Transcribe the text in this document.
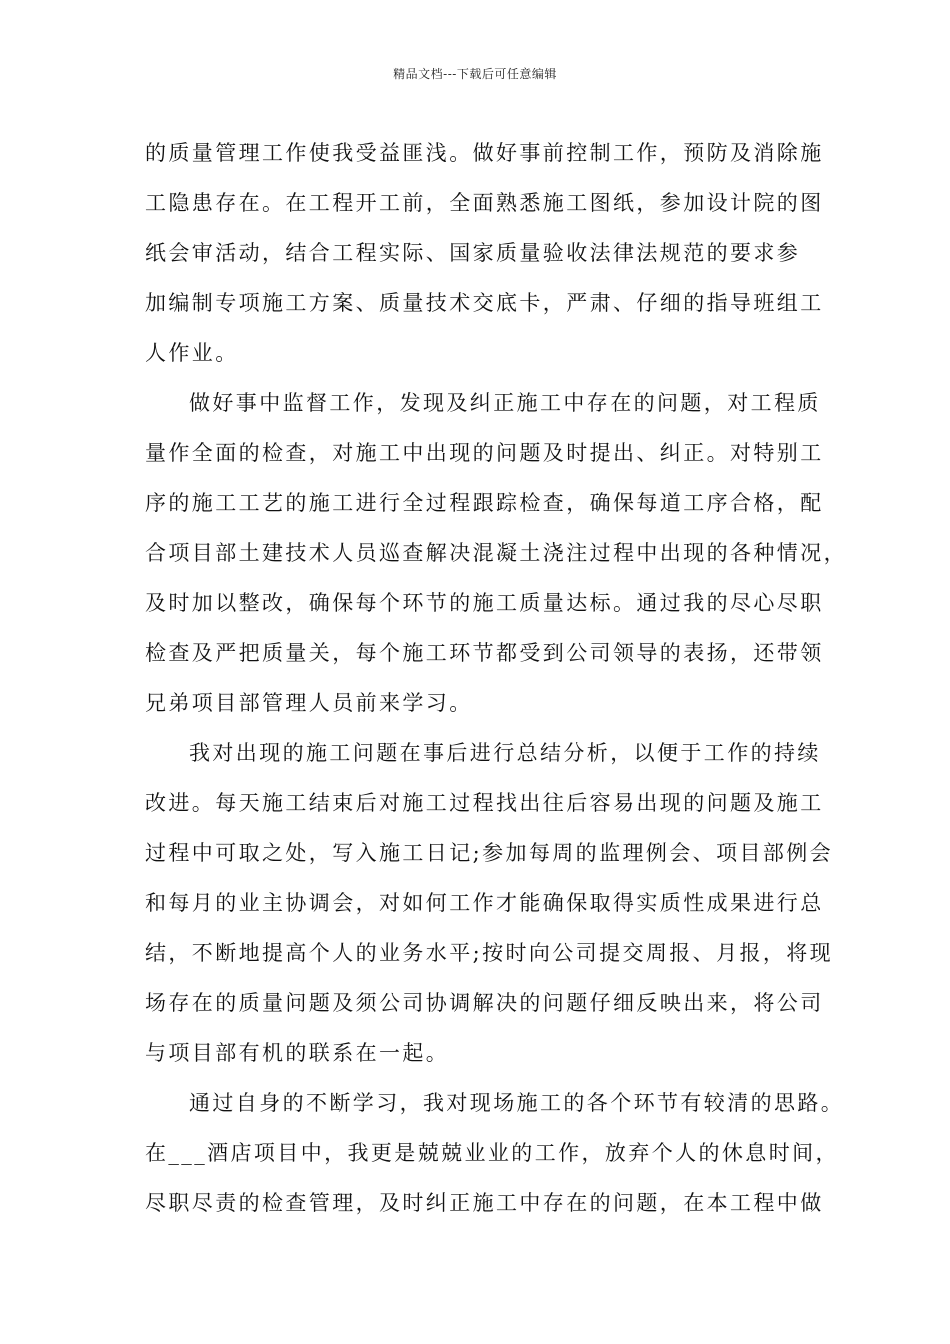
精品文档---下载后可任意编辑

的质量管理工作使我受益匪浅。做好事前控制工作，预防及消除施
工隐患存在。在工程开工前，全面熟悉施工图纸，参加设计院的图
纸会审活动，结合工程实际、国家质量验收法律法规范的要求参
加编制专项施工方案、质量技术交底卡，严肃、仔细的指导班组工
人作业。

做好事中监督工作，发现及纠正施工中存在的问题，对工程质
量作全面的检查，对施工中出现的问题及时提出、纠正。对特别工
序的施工工艺的施工进行全过程跟踪检查，确保每道工序合格，配
合项目部土建技术人员巡查解决混凝土浇注过程中出现的各种情况，
及时加以整改，确保每个环节的施工质量达标。通过我的尽心尽职
检查及严把质量关，每个施工环节都受到公司领导的表扬，还带领
兄弟项目部管理人员前来学习。

我对出现的施工问题在事后进行总结分析，以便于工作的持续
改进。每天施工结束后对施工过程找出往后容易出现的问题及施工
过程中可取之处，写入施工日记;参加每周的监理例会、项目部例会
和每月的业主协调会，对如何工作才能确保取得实质性成果进行总
结，不断地提高个人的业务水平;按时向公司提交周报、月报，将现
场存在的质量问题及须公司协调解决的问题仔细反映出来，将公司
与项目部有机的联系在一起。

通过自身的不断学习，我对现场施工的各个环节有较清的思路。
在___酒店项目中，我更是兢兢业业的工作，放弃个人的休息时间，
尽职尽责的检查管理，及时纠正施工中存在的问题，在本工程中做
